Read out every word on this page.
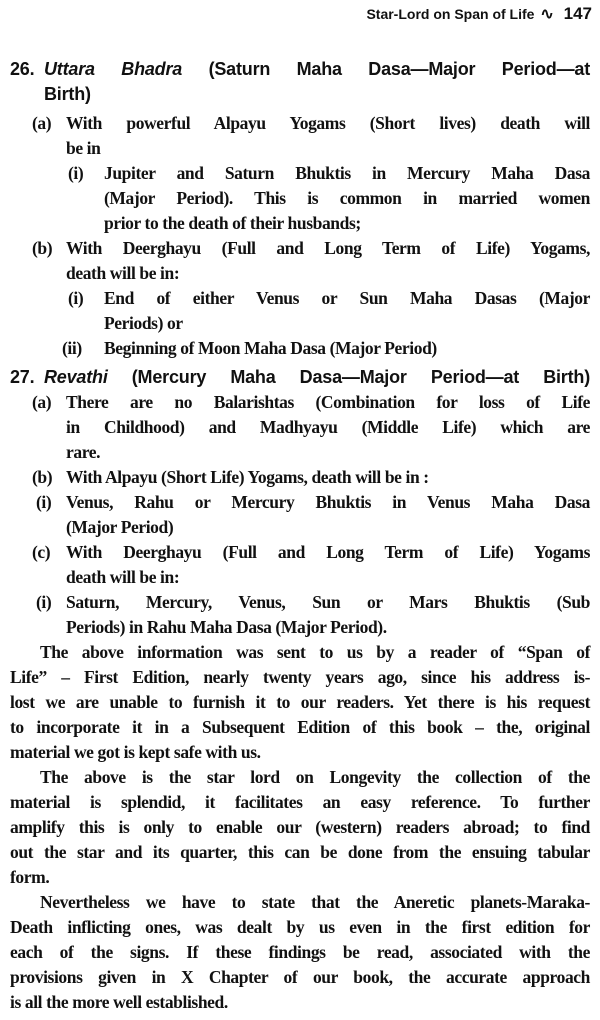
Star-Lord on Span of Life ∿ 147
26. Uttara Bhadra (Saturn Maha Dasa—Major Period—at
Birth)
(a) With powerful Alpayu Yogams (Short lives) death will
be in
(i) Jupiter and Saturn Bhuktis in Mercury Maha Dasa
(Major Period). This is common in married women
prior to the death of their husbands;
(b) With Deerghayu (Full and Long Term of Life) Yogams,
death will be in:
(i) End of either Venus or Sun Maha Dasas (Major
Periods) or
(ii) Beginning of Moon Maha Dasa (Major Period)
27. Revathi (Mercury Maha Dasa—Major Period—at Birth)
(a) There are no Balarishtas (Combination for loss of Life
in Childhood) and Madhyayu (Middle Life) which are
rare.
(b) With Alpayu (Short Life) Yogams, death will be in :
(i) Venus, Rahu or Mercury Bhuktis in Venus Maha Dasa
(Major Period)
(c) With Deerghayu (Full and Long Term of Life) Yogams
death will be in:
(i) Saturn, Mercury, Venus, Sun or Mars Bhuktis (Sub
Periods) in Rahu Maha Dasa (Major Period).
The above information was sent to us by a reader of “Span of
Life” – First Edition, nearly twenty years ago, since his address is-
lost we are unable to furnish it to our readers. Yet there is his request
to incorporate it in a Subsequent Edition of this book – the, original
material we got is kept safe with us.
The above is the star lord on Longevity the collection of the
material is splendid, it facilitates an easy reference. To further
amplify this is only to enable our (western) readers abroad; to find
out the star and its quarter, this can be done from the ensuing tabular
form.
Nevertheless we have to state that the Aneretic planets-Maraka-
Death inflicting ones, was dealt by us even in the first edition for
each of the signs. If these findings be read, associated with the
provisions given in X Chapter of our book, the accurate approach
is all the more well established.
